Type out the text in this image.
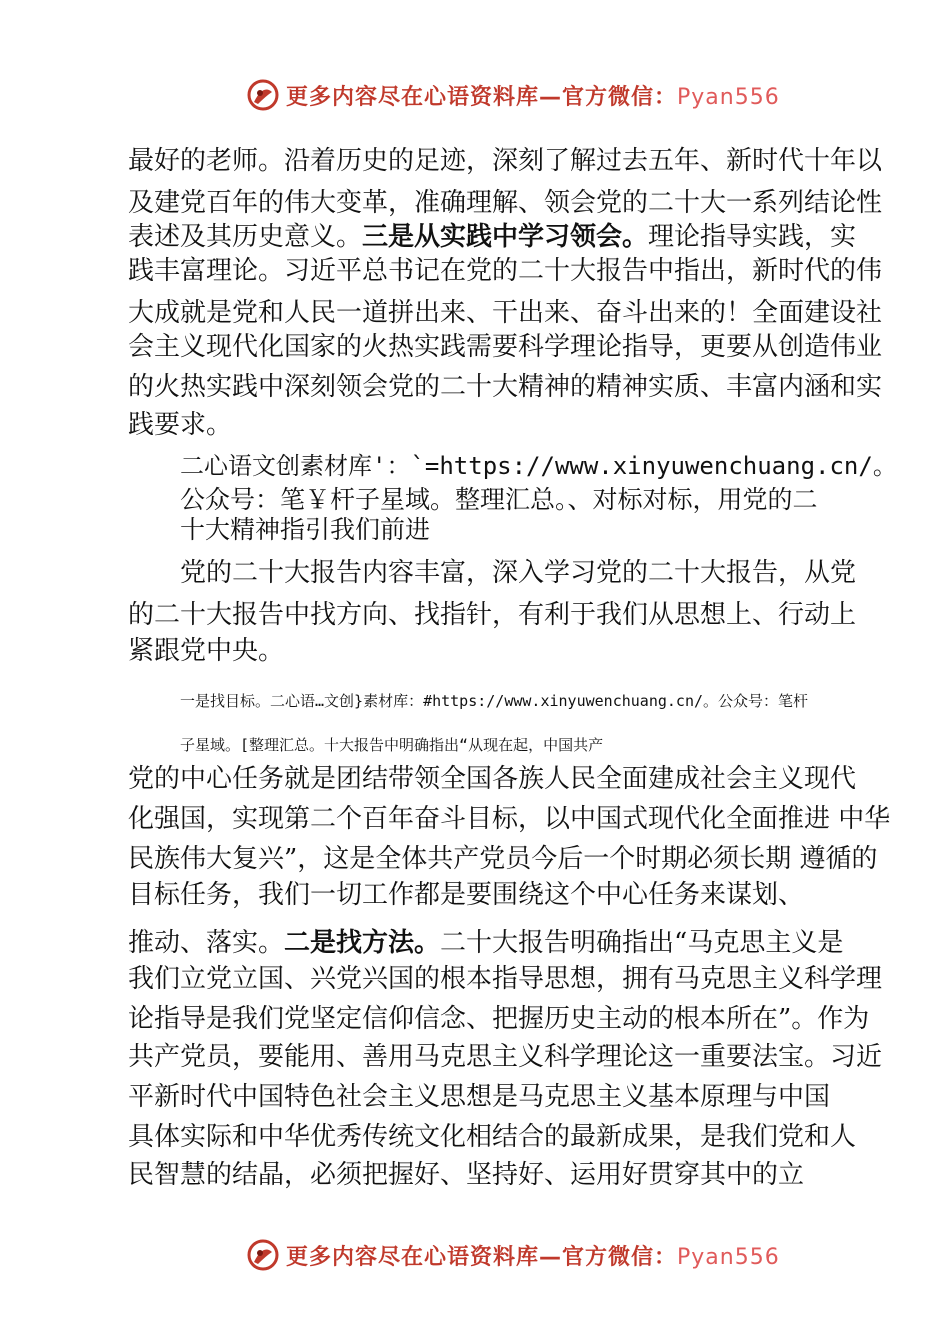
更多内容尽在心语资料库—官方微信：Pyan556
最好的老师。沿着历史的足迹，深刻了解过去五年、新时代十年以
及建党百年的伟大变革，准确理解、领会党的二十大一系列结论性
表述及其历史意义。三是从实践中学习领会。理论指导实践，实
践丰富理论。习近平总书记在党的二十大报告中指出，新时代的伟
大成就是党和人民一道拼出来、干出来、奋斗出来的！全面建设社
会主义现代化国家的火热实践需要科学理论指导，更要从创造伟业
的火热实践中深刻领会党的二十大精神的精神实质、丰富内涵和实
践要求。
二心语文创素材库'：`=https://www.xinyuwenchuang.cn/。
公众号：笔￥杆子星域。整理汇总。、对标对标，用党的二
十大精神指引我们前进
党的二十大报告内容丰富，深入学习党的二十大报告，从党
的二十大报告中找方向、找指针，有利于我们从思想上、行动上
紧跟党中央。
一是找目标。二心语…文创}素材库：#https://www.xinyuwenchuang.cn/。公众号：笔杆
子星域。[整理汇总。十大报告中明确指出“从现在起，中国共产
党的中心任务就是团结带领全国各族人民全面建成社会主义现代
化强国，实现第二个百年奋斗目标，以中国式现代化全面推进 中华
民族伟大复兴”，这是全体共产党员今后一个时期必须长期 遵循的
目标任务，我们一切工作都是要围绕这个中心任务来谋划、
推动、落实。二是找方法。二十大报告明确指出“马克思主义是
我们立党立国、兴党兴国的根本指导思想，拥有马克思主义科学理
论指导是我们党坚定信仰信念、把握历史主动的根本所在”。作为
共产党员，要能用、善用马克思主义科学理论这一重要法宝。习近
平新时代中国特色社会主义思想是马克思主义基本原理与中国
具体实际和中华优秀传统文化相结合的最新成果，是我们党和人
民智慧的结晶，必须把握好、坚持好、运用好贯穿其中的立
更多内容尽在心语资料库—官方微信：Pyan556
